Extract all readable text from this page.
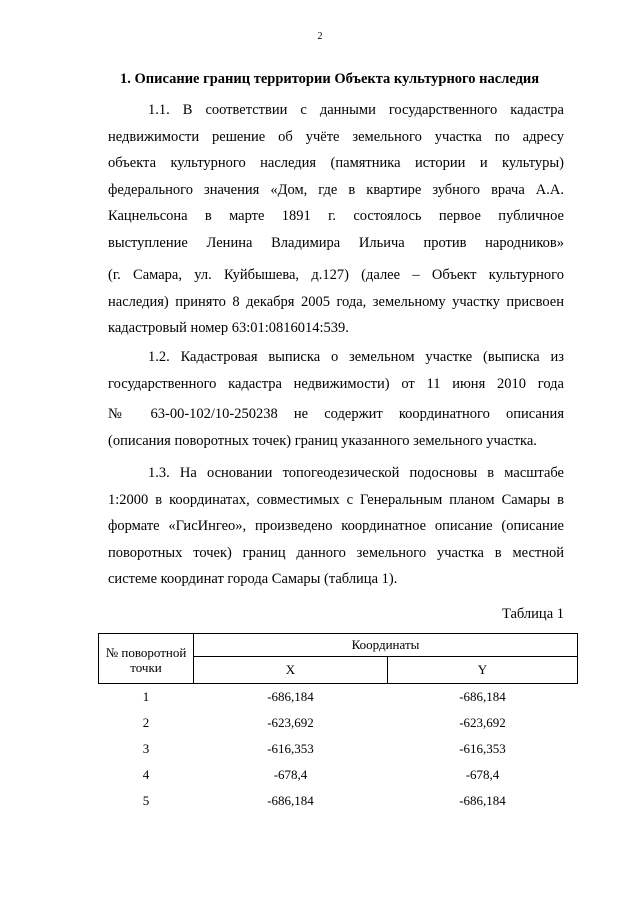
2
1. Описание границ территории Объекта культурного наследия
1.1. В соответствии с данными государственного кадастра
недвижимости решение об учёте земельного участка по адресу
объекта культурного наследия (памятника истории и культуры)
федерального значения «Дом, где в квартире зубного врача А.А.
Кацнельсона в марте 1891 г. состоялось первое публичное
выступление Ленина Владимира Ильича против народников»
(г. Самара, ул. Куйбышева, д.127) (далее – Объект культурного
наследия) принято 8 декабря 2005 года, земельному участку присвоен
кадастровый номер 63:01:0816014:539.
1.2. Кадастровая выписка о земельном участке (выписка из
государственного кадастра недвижимости) от 11 июня 2010 года
№ 63-00-102/10-250238 не содержит координатного описания
(описания поворотных точек) границ указанного земельного участка.
1.3. На основании топогеодезической подосновы в масштабе
1:2000 в координатах, совместимых с Генеральным планом Самары в
формате «ГисИнгео», произведено координатное описание (описание
поворотных точек) границ данного земельного участка в местной
системе координат города Самары (таблица 1).
Таблица 1
№ поворотной точки	Координаты	
	X	Y
1	-686,184	-686,184
2	-623,692	-623,692
3	-616,353	-616,353
4	-678,4	-678,4
5	-686,184	-686,184
